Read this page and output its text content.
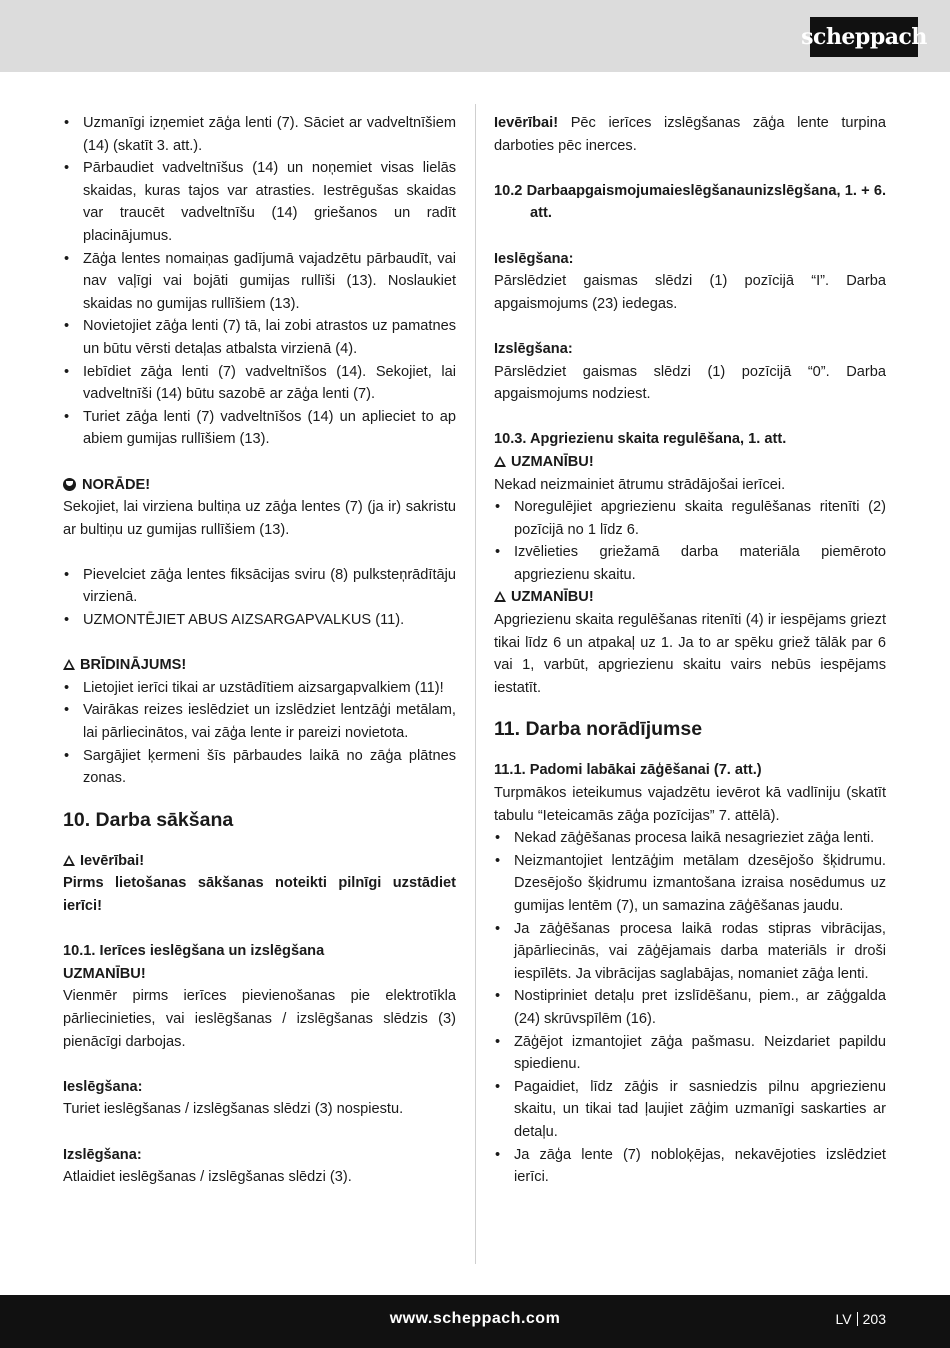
scheppach
• Uzmanīgi izņemiet zāģa lenti (7). Sāciet ar vadveltnīšiem (14) (skatīt 3. att.).
• Pārbaudiet vadveltnīšus (14) un noņemiet visas lielās skaidas, kuras tajos var atrasties. Iestrēgušas skaidas var traucēt vadveltnīšu (14) griešanos un radīt placinājumus.
• Zāģa lentes nomaiņas gadījumā vajadzētu pārbaudīt, vai nav vaļīgi vai bojāti gumijas rullīši (13). Noslaukiet skaidas no gumijas rullīšiem (13).
• Novietojiet zāģa lenti (7) tā, lai zobi atrastos uz pamatnes un būtu vērsti detaļas atbalsta virzienā (4).
• Iebīdiet zāģa lenti (7) vadveltnīšos (14). Sekojiet, lai vadveltnīši (14) būtu sazobē ar zāģa lenti (7).
• Turiet zāģa lenti (7) vadveltnīšos (14) un aplieciet to ap abiem gumijas rullīšiem (13).

NORĀDE!

Sekojiet, lai virziena bultiņa uz zāģa lentes (7) (ja ir) sakristu ar bultiņu uz gumijas rullīšiem (13).

• Pievelciet zāģa lentes fiksācijas sviru (8) pulksteņrādītāju virzienā.
• UZMONTĒJIET ABUS AIZSARGAPVALKUS (11).

BRĪDINĀJUMS!

• Lietojiet ierīci tikai ar uzstādītiem aizsargapvalkiem (11)!
• Vairākas reizes ieslēdziet un izslēdziet lentzāģi metālam, lai pārliecinātos, vai zāģa lente ir pareizi novietota.
• Sargājiet ķermeni šīs pārbaudes laikā no zāģa plātnes zonas.
10. Darba sākšana

Ievērībai!

Pirms lietošanas sākšanas noteikti pilnīgi uzstādiet ierīci!

10.1. Ierīces ieslēgšana un izslēgšana

UZMANĪBU!

Vienmēr pirms ierīces pievienošanas pie elektrotīkla pārliecinieties, vai ieslēgšanas / izslēgšanas slēdzis (3) pienācīgi darbojas.

Ieslēgšana:

Turiet ieslēgšanas / izslēgšanas slēdzi (3) nospiestu.

Izslēgšana:

Atlaidiet ieslēgšanas / izslēgšanas slēdzi (3).

Ievērībai! Pēc ierīces izslēgšanas zāģa lente turpina darboties pēc inerces.

10.2 Darbaapgaismojumaieslēgšanaunizslēgšana, 1. + 6. att.

Ieslēgšana:

Pārslēdziet gaismas slēdzi (1) pozīcijā “I”. Darba apgaismojums (23) iedegas.

Izslēgšana:

Pārslēdziet gaismas slēdzi (1) pozīcijā “0”. Darba apgaismojums nodziest.

10.3. Apgriezienu skaita regulēšana, 1. att.

UZMANĪBU!

Nekad neizmainiet ātrumu strādājošai ierīcei.

• Noregulējiet apgriezienu skaita regulēšanas ritenīti (2) pozīcijā no 1 līdz 6.
• Izvēlieties griežamā darba materiāla piemēroto apgriezienu skaitu.

UZMANĪBU!

Apgriezienu skaita regulēšanas ritenīti (4) ir iespējams griezt tikai līdz 6 un atpakaļ uz 1. Ja to ar spēku griež tālāk par 6 vai 1, varbūt, apgriezienu skaitu vairs nebūs iespējams iestatīt.

11. Darba norādījumse

11.1. Padomi labākai zāģēšanai (7. att.)

Turpmākos ieteikumus vajadzētu ievērot kā vadlīniju (skatīt tabulu “Ieteicamās zāģa pozīcijas” 7. attēlā).

• Nekad zāģēšanas procesa laikā nesagrieziet zāģa lenti.
• Neizmantojiet lentzāģim metālam dzesējošo šķidrumu. Dzesējošo šķidrumu izmantošana izraisa nosēdumus uz gumijas lentēm (7), un samazina zāģēšanas jaudu.
• Ja zāģēšanas procesa laikā rodas stipras vibrācijas, jāpārliecinās, vai zāģējamais darba materiāls ir droši iespīlēts. Ja vibrācijas saglabājas, nomaniet zāģa lenti.
• Nostipriniet detaļu pret izslīdēšanu, piem., ar zāģgalda (24) skrūvspīlēm (16).
• Zāģējot izmantojiet zāģa pašmasu. Neizdariet papildu spiedienu.
• Pagaidiet, līdz zāģis ir sasniedzis pilnu apgriezienu skaitu, un tikai tad ļaujiet zāģim uzmanīgi saskarties ar detaļu.
• Ja zāģa lente (7) nobloķējas, nekavējoties izslēdziet ierīci.
www.scheppach.com	LV 203
